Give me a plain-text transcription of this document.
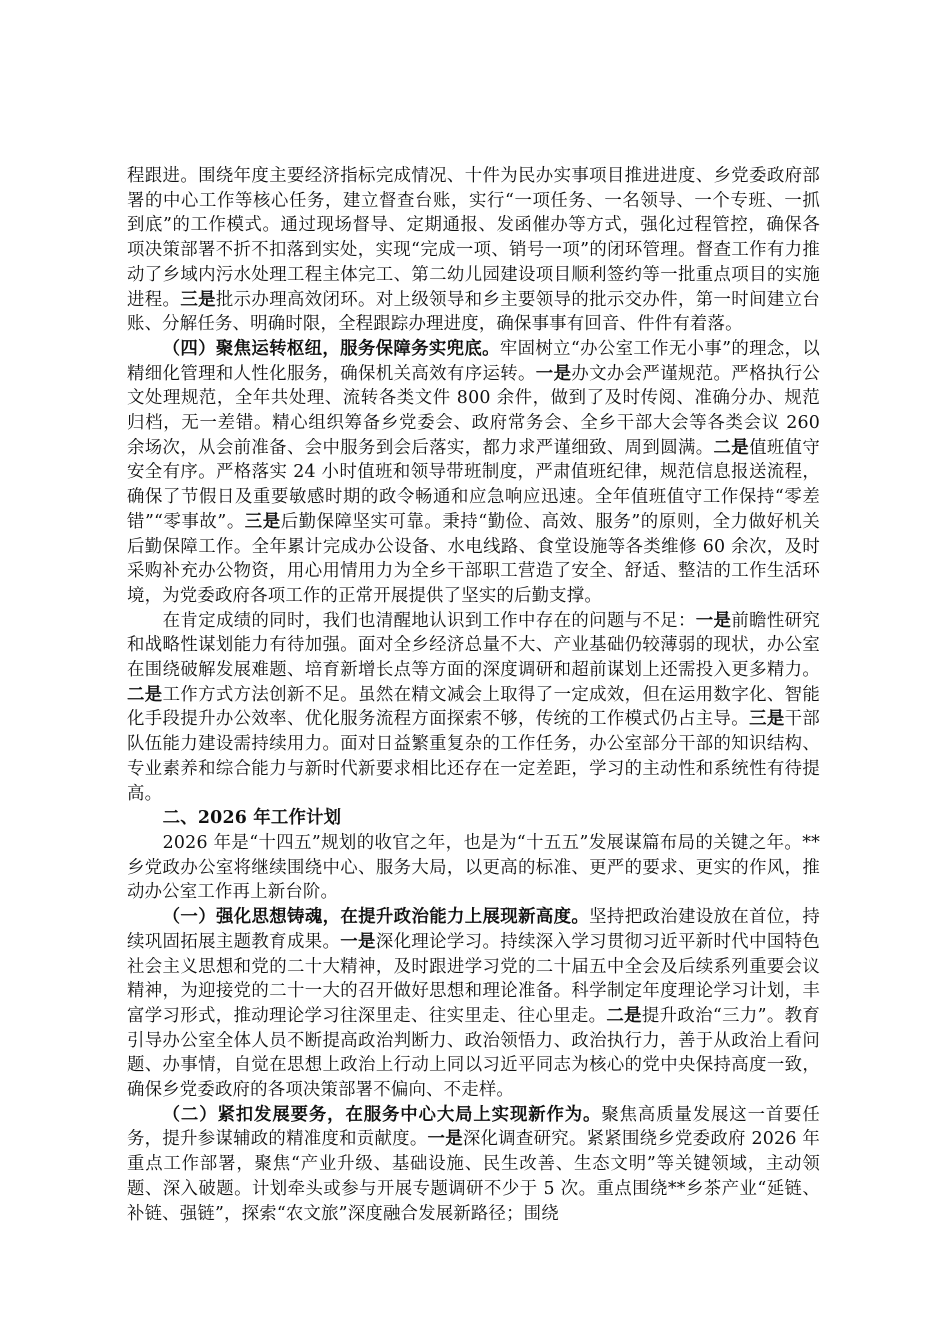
程跟进。围绕年度主要经济指标完成情况、十件为民办实事项目推进进度、乡党委政府部署的中心工作等核心任务，建立督查台账，实行“一项任务、一名领导、一个专班、一抓到底”的工作模式。通过现场督导、定期通报、发函催办等方式，强化过程管控，确保各项决策部署不折不扣落到实处，实现“完成一项、销号一项”的闭环管理。督查工作有力推动了乡域内污水处理工程主体完工、第二幼儿园建设项目顺利签约等一批重点项目的实施进程。三是批示办理高效闭环。对上级领导和乡主要领导的批示交办件，第一时间建立台账、分解任务、明确时限，全程跟踪办理进度，确保事事有回音、件件有着落。

（四）聚焦运转枢纽，服务保障务实兜底。牢固树立“办公室工作无小事”的理念，以精细化管理和人性化服务，确保机关高效有序运转。一是办文办会严谨规范。严格执行公文处理规范，全年共处理、流转各类文件 800 余件，做到了及时传阅、准确分办、规范归档，无一差错。精心组织筹备乡党委会、政府常务会、全乡干部大会等各类会议 260 余场次，从会前准备、会中服务到会后落实，都力求严谨细致、周到圆满。二是值班值守安全有序。严格落实 24 小时值班和领导带班制度，严肃值班纪律，规范信息报送流程，确保了节假日及重要敏感时期的政令畅通和应急响应迅速。全年值班值守工作保持“零差错”“零事故”。三是后勤保障坚实可靠。秉持“勤俭、高效、服务”的原则，全力做好机关后勤保障工作。全年累计完成办公设备、水电线路、食堂设施等各类维修 60 余次，及时采购补充办公物资，用心用情用力为全乡干部职工营造了安全、舒适、整洁的工作生活环境，为党委政府各项工作的正常开展提供了坚实的后勤支撑。

在肯定成绩的同时，我们也清醒地认识到工作中存在的问题与不足：一是前瞻性研究和战略性谋划能力有待加强。面对全乡经济总量不大、产业基础仍较薄弱的现状，办公室在围绕破解发展难题、培育新增长点等方面的深度调研和超前谋划上还需投入更多精力。二是工作方式方法创新不足。虽然在精文减会上取得了一定成效，但在运用数字化、智能化手段提升办公效率、优化服务流程方面探索不够，传统的工作模式仍占主导。三是干部队伍能力建设需持续用力。面对日益繁重复杂的工作任务，办公室部分干部的知识结构、专业素养和综合能力与新时代新要求相比还存在一定差距，学习的主动性和系统性有待提高。

二、2026 年工作计划

2026 年是“十四五”规划的收官之年，也是为“十五五”发展谋篇布局的关键之年。**乡党政办公室将继续围绕中心、服务大局，以更高的标准、更严的要求、更实的作风，推动办公室工作再上新台阶。

（一）强化思想铸魂，在提升政治能力上展现新高度。坚持把政治建设放在首位，持续巩固拓展主题教育成果。一是深化理论学习。持续深入学习贯彻习近平新时代中国特色社会主义思想和党的二十大精神，及时跟进学习党的二十届五中全会及后续系列重要会议精神，为迎接党的二十一大的召开做好思想和理论准备。科学制定年度理论学习计划，丰富学习形式，推动理论学习往深里走、往实里走、往心里走。二是提升政治“三力”。教育引导办公室全体人员不断提高政治判断力、政治领悟力、政治执行力，善于从政治上看问题、办事情，自觉在思想上政治上行动上同以习近平同志为核心的党中央保持高度一致，确保乡党委政府的各项决策部署不偏向、不走样。

（二）紧扣发展要务，在服务中心大局上实现新作为。聚焦高质量发展这一首要任务，提升参谋辅政的精准度和贡献度。一是深化调查研究。紧紧围绕乡党委政府 2026 年重点工作部署，聚焦“产业升级、基础设施、民生改善、生态文明”等关键领域，主动领题、深入破题。计划牵头或参与开展专题调研不少于 5 次。重点围绕**乡茶产业“延链、补链、强链”，探索“农文旅”深度融合发展新路径；围绕
